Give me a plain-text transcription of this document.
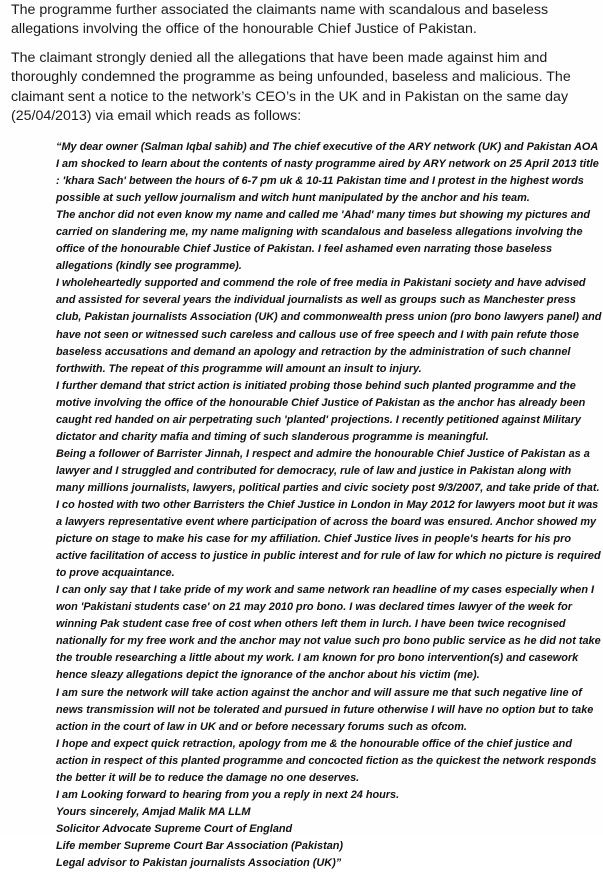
The programme further associated the claimants name with scandalous and baseless allegations involving the office of the honourable Chief Justice of Pakistan.

The claimant strongly denied all the allegations that have been made against him and thoroughly condemned the programme as being unfounded, baseless and malicious. The claimant sent a notice to the network’s CEO’s in the UK and in Pakistan on the same day (25/04/2013) via email which reads as follows:

“My dear owner (Salman Iqbal sahib) and The chief executive of the ARY network (UK) and Pakistan AOA I am shocked to learn about the contents of nasty programme aired by ARY network on 25 April 2013 title : 'khara Sach' between the hours of 6-7 pm uk & 10-11 Pakistan time and I protest in the highest words possible at such yellow journalism and witch hunt manipulated by the anchor and his team.

The anchor did not even know my name and called me 'Ahad' many times but showing my pictures and carried on slandering me, my name maligning with scandalous and baseless allegations involving the office of the honourable Chief Justice of Pakistan. I feel ashamed even narrating those baseless allegations (kindly see programme).

I wholeheartedly supported and commend the role of free media in Pakistani society and have advised and assisted for several years the individual journalists as well as groups such as Manchester press club, Pakistan journalists Association (UK) and commonwealth press union (pro bono lawyers panel) and have not seen or witnessed such careless and callous use of free speech and I with pain refute those baseless accusations and demand an apology and retraction by the administration of such channel forthwith. The repeat of this programme will amount an insult to injury.

I further demand that strict action is initiated probing those behind such planted programme and the motive involving the office of the honourable Chief Justice of Pakistan as the anchor has already been caught red handed on air perpetrating such 'planted' projections. I recently petitioned against Military dictator and charity mafia and timing of such slanderous programme is meaningful.

Being a follower of Barrister Jinnah, I respect and admire the honourable Chief Justice of Pakistan as a lawyer and I struggled and contributed for democracy, rule of law and justice in Pakistan along with many millions journalists, lawyers, political parties and civic society post 9/3/2007, and take pride of that. I co hosted with two other Barristers the Chief Justice in London in May 2012 for lawyers moot but it was a lawyers representative event where participation of across the board was ensured. Anchor showed my picture on stage to make his case for my affiliation. Chief Justice lives in people's hearts for his pro active facilitation of access to justice in public interest and for rule of law for which no picture is required to prove acquaintance.

I can only say that I take pride of my work and same network ran headline of my cases especially when I won 'Pakistani students case' on 21 may 2010 pro bono. I was declared times lawyer of the week for winning Pak student case free of cost when others left them in lurch. I have been twice recognised nationally for my free work and the anchor may not value such pro bono public service as he did not take the trouble researching a little about my work. I am known for pro bono intervention(s) and casework hence sleazy allegations depict the ignorance of the anchor about his victim (me).

I am sure the network will take action against the anchor and will assure me that such negative line of news transmission will not be tolerated and pursued in future otherwise I will have no option but to take action in the court of law in UK and or before necessary forums such as ofcom.

I hope and expect quick retraction, apology from me & the honourable office of the chief justice and action in respect of this planted programme and concocted fiction as the quickest the network responds the better it will be to reduce the damage no one deserves.

I am Looking forward to hearing from you a reply in next 24 hours.

Yours sincerely, Amjad Malik MA LLM

Solicitor Advocate Supreme Court of England

Life member Supreme Court Bar Association (Pakistan)

Legal advisor to Pakistan journalists Association (UK)”
